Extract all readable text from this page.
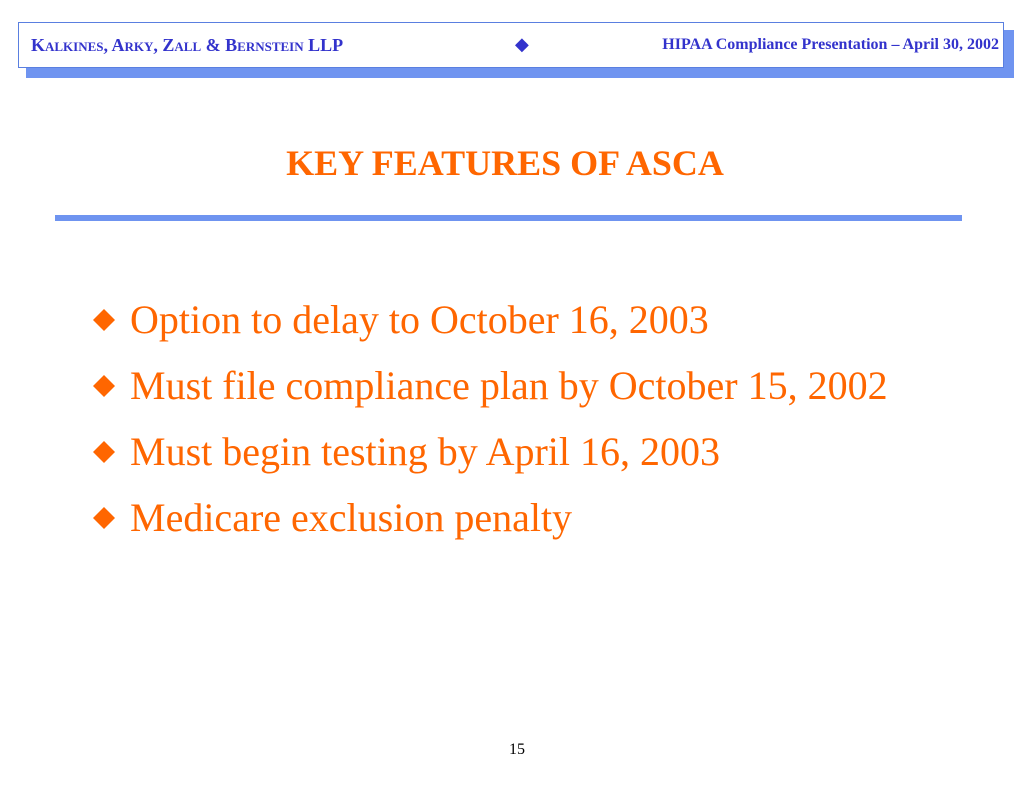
Kalkines, Arky, Zall & Bernstein LLP	◆	HIPAA Compliance Presentation – April 30, 2002
KEY FEATURES OF ASCA
Option to delay to October 16, 2003
Must file compliance plan by October 15, 2002
Must begin testing by April 16, 2003
Medicare exclusion penalty
15
